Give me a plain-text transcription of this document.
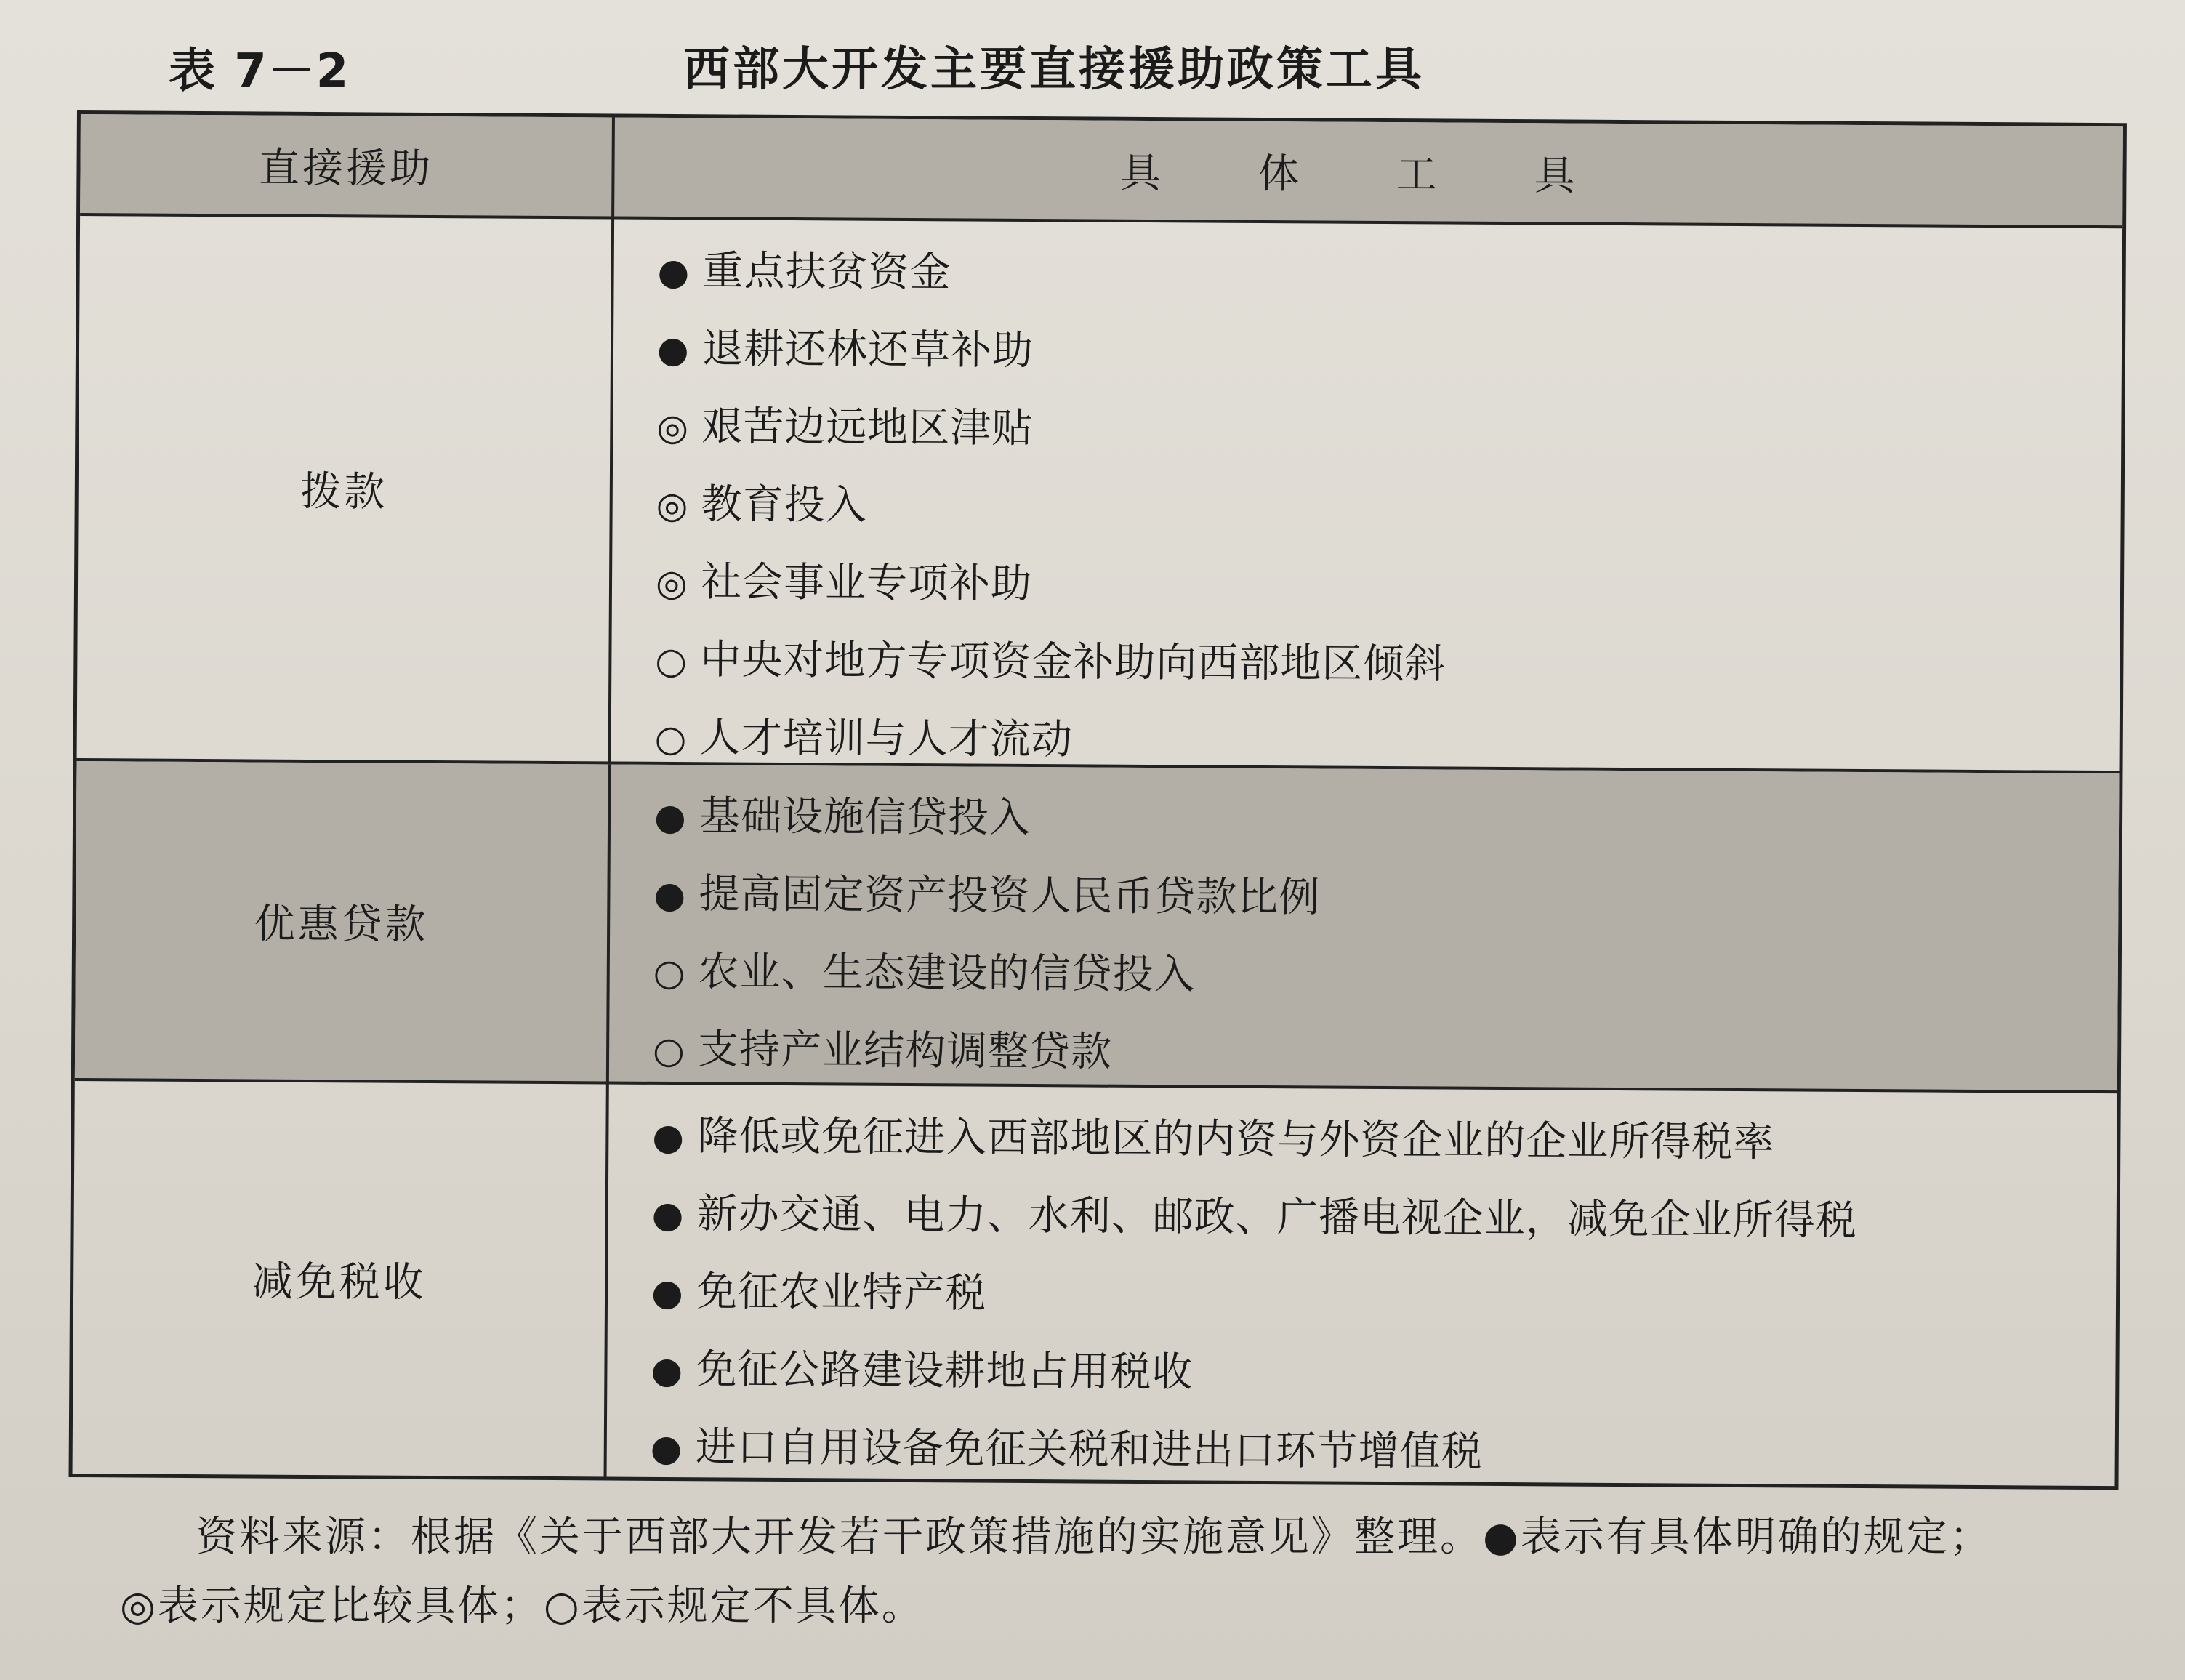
表 7－2	西部大开发主要直接援助政策工具
直接援助	具 体 工 具
拨款
● 重点扶贫资金
● 退耕还林还草补助
◎ 艰苦边远地区津贴
◎ 教育投入
◎ 社会事业专项补助
○ 中央对地方专项资金补助向西部地区倾斜
○ 人才培训与人才流动
优惠贷款
● 基础设施信贷投入
● 提高固定资产投资人民币贷款比例
○ 农业、生态建设的信贷投入
○ 支持产业结构调整贷款
减免税收
● 降低或免征进入西部地区的内资与外资企业的企业所得税率
● 新办交通、电力、水利、邮政、广播电视企业，减免企业所得税
● 免征农业特产税
● 免征公路建设耕地占用税收
● 进口自用设备免征关税和进出口环节增值税
资料来源：根据《关于西部大开发若干政策措施的实施意见》整理。●表示有具体明确的规定；
◎表示规定比较具体；○表示规定不具体。
